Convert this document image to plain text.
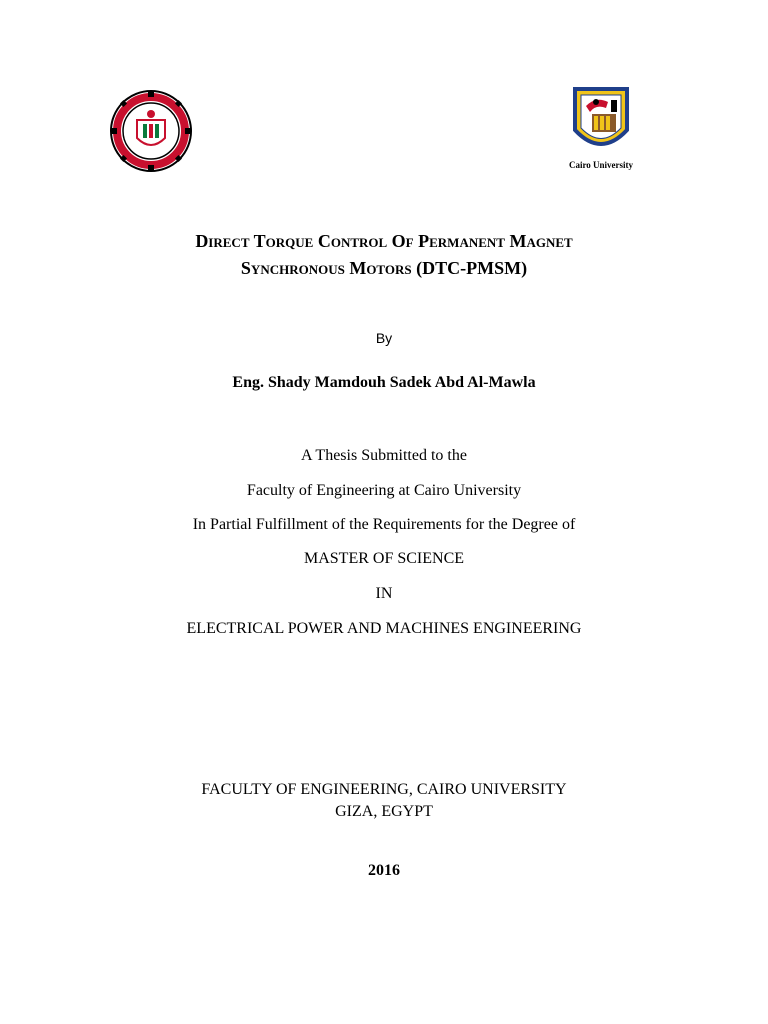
Cairo University
Direct Torque Control Of Permanent Magnet
Synchronous Motors (DTC-PMSM)
By
Eng. Shady Mamdouh Sadek Abd Al-Mawla
A Thesis Submitted to the
Faculty of Engineering at Cairo University
In Partial Fulfillment of the Requirements for the Degree of
MASTER OF SCIENCE
IN
ELECTRICAL POWER AND MACHINES ENGINEERING
FACULTY OF ENGINEERING, CAIRO UNIVERSITY
GIZA, EGYPT
2016
